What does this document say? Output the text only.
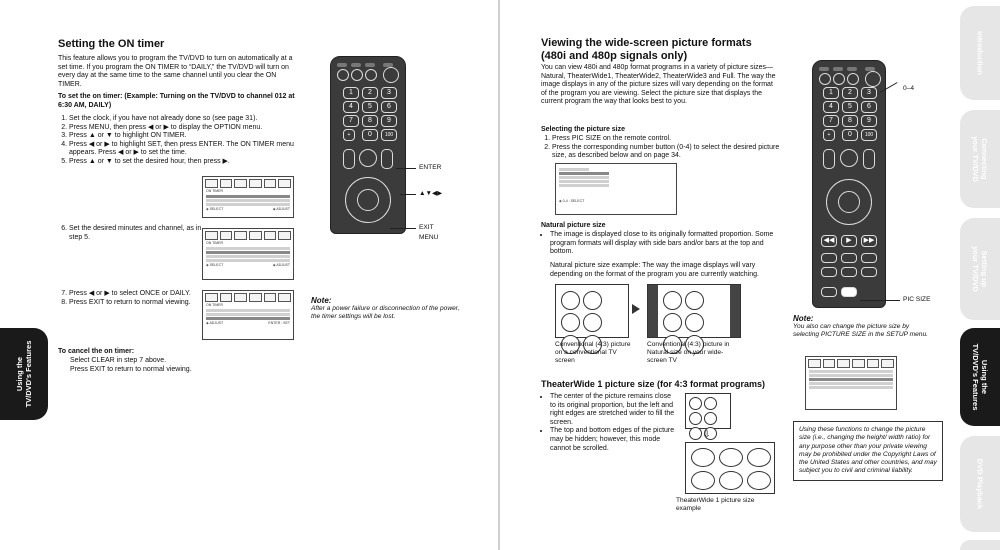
Setting the ON timer
This feature allows you to program the TV/DVD to turn on automatically at a set time. If you program the ON TIMER to “DAILY,” the TV/DVD will turn on every day at the same time to the same channel until you clear the ON TIMER.
To set the on timer: (Example: Turning on the TV/DVD to channel 012 at 6:30 AM, DAILY)
1. Set the clock, if you have not already done so (see page 31).
2. Press MENU, then press ◀ or ▶ to display the OPTION menu.
3. Press ▲ or ▼ to highlight ON TIMER.
4. Press ◀ or ▶ to highlight SET, then press ENTER. The ON TIMER menu appears. Press ◀ or ▶ to set the time.
5. Press ▲ or ▼ to set the desired hour, then press ▶.
ON TIMER
◈ SELECT	◈ ADJUST
6. Set the desired minutes and channel, as in step 5.
ON TIMER
◈ SELECT	◈ ADJUST
7. Press ◀ or ▶ to select ONCE or DAILY.
8. Press EXIT to return to normal viewing.	ON TIMER
◈ ADJUST	ENTER : SET
Note:
After a power failure or disconnection of the power, the timer settings will be lost.
To cancel the on timer:
Select CLEAR in step 7 above.
Press EXIT to return to normal viewing.
1	2	3
4	5	6
7	8	9
+	0	100
ENTER
▲▼◀▶
EXIT
MENU
Using the
TV/DVD's Features
Viewing the wide-screen picture formats
(480i and 480p signals only)
You can view 480i and 480p format programs in a variety of picture sizes—Natural, TheaterWide1, TheaterWide2, TheaterWide3 and Full. The way the image displays in any of the picture sizes will vary depending on the format of the program you are viewing. Select the picture size that displays the current program the way that looks best to you.
Selecting the picture size
1. Press PIC SIZE on the remote control.
2. Press the corresponding number button (0-4) to select the desired picture size, as described below and on page 34.
◈ 0-4 : SELECT
Natural picture size
• The image is displayed close to its originally formatted proportion. Some program formats will display with side bars and/or bars at the top and bottom.
Natural picture size example: The way the image displays will vary depending on the format of the program you are currently watching.
Conventional (4:3) picture on a conventional TV screen
Conventional (4:3) picture in Natural size on your wide-screen TV
TheaterWide 1 picture size (for 4:3 format programs)
• The center of the picture remains close to its original proportion, but the left and right edges are stretched wider to fill the screen.
• The top and bottom edges of the picture may be hidden; however, this mode cannot be scrolled.
⇩
TheaterWide 1 picture size example
1	2	3
4	5	6
7	8	9
+	0	100
◀◀	▶	▶▶
0–4
PIC SIZE
Note:
You also can change the picture size by selecting PICTURE SIZE in the SETUP menu.
Using these functions to change the picture size (i.e., changing the height/ width ratio) for any purpose other than your private viewing may be prohibited under the Copyright Laws of the United States and other countries, and may subject you to civil and criminal liability.
Introduction
Connecting
your TV/DVD
Setting up
your TV/DVD
Using the
TV/DVD's Features
DVD Playback
